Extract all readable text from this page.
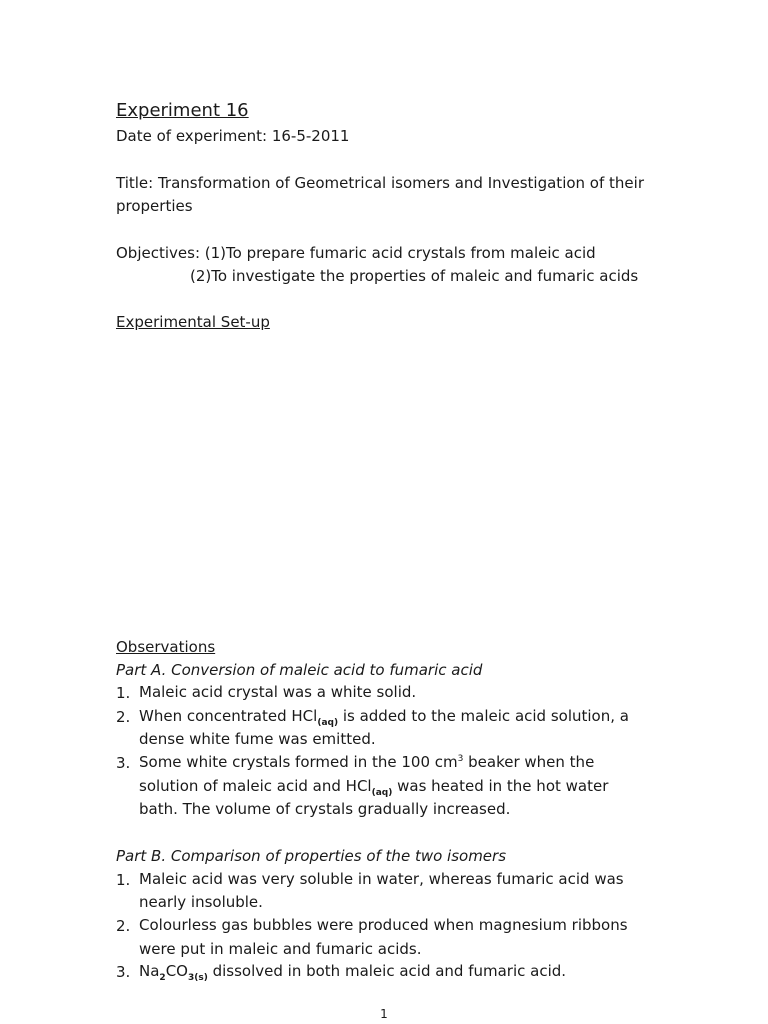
Experiment 16
Date of experiment: 16-5-2011
Title: Transformation of Geometrical isomers and Investigation of their
properties
Objectives: (1)To prepare fumaric acid crystals from maleic acid
(2)To investigate the properties of maleic and fumaric acids
Experimental Set-up
Observations
Part A. Conversion of maleic acid to fumaric acid
1. Maleic acid crystal was a white solid.
2. When concentrated HCl$_{(aq)}$ is added to the maleic acid solution, a
dense white fume was emitted.
3. Some white crystals formed in the 100 $cm^3$ beaker when the
solution of maleic acid and HCl$_{(aq)}$ was heated in the hot water
bath. The volume of crystals gradually increased.
Part B. Comparison of properties of the two isomers
1. Maleic acid was very soluble in water, whereas fumaric acid was
nearly insoluble.
2. Colourless gas bubbles were produced when magnesium ribbons
were put in maleic and fumaric acids.
3. $Na_2CO_{3(s)}$ dissolved in both maleic acid and fumaric acid.
1
